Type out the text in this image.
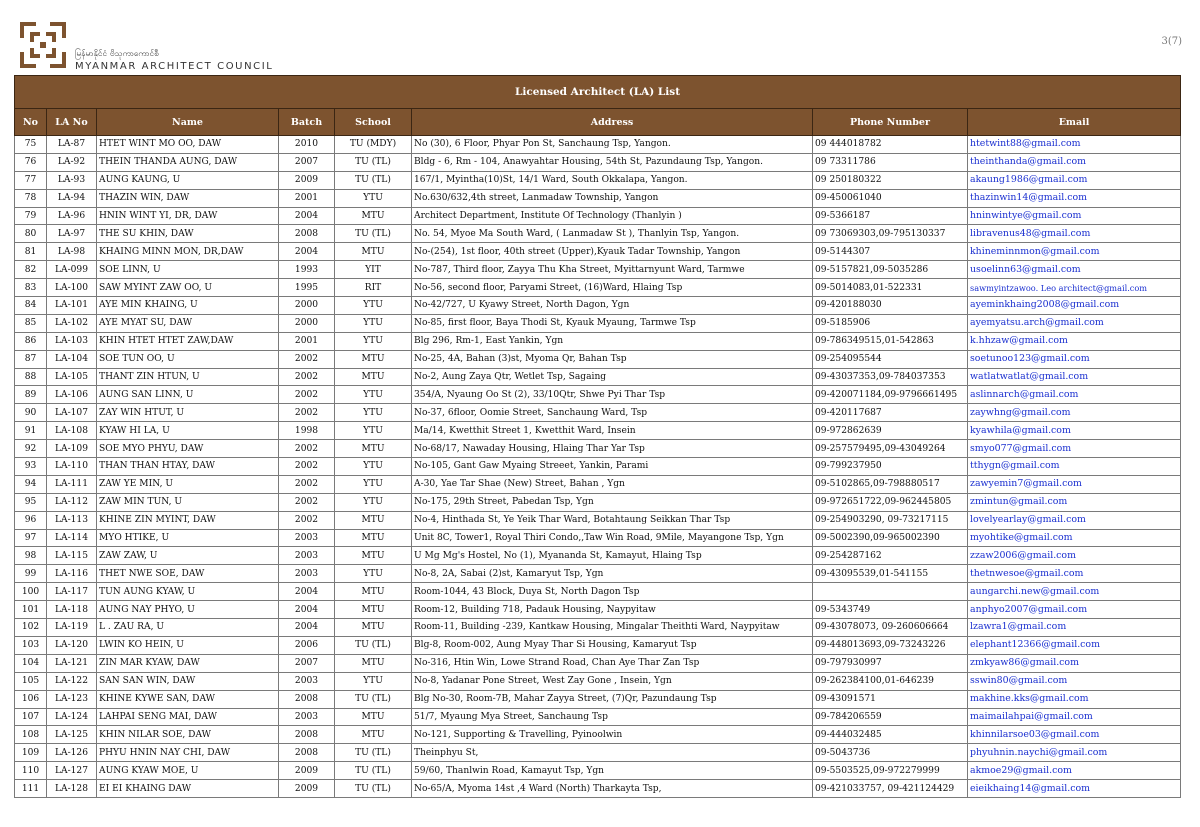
မြန်မာနိုင်ငံ ဗိသုကာကောင်စီ
MYANMAR ARCHITECT COUNCIL
3(7)
Licensed Architect (LA) List							
No	LA No	Name	Batch	School	Address	Phone Number	Email
75	LA-87	HTET WINT MO OO, DAW	2010	TU (MDY)	No (30), 6 Floor, Phyar Pon St, Sanchaung Tsp, Yangon.	09 444018782	htetwint88@gmail.com
76	LA-92	THEIN THANDA AUNG, DAW	2007	TU (TL)	Bldg - 6, Rm - 104, Anawyahtar Housing, 54th St, Pazundaung Tsp, Yangon.	09 73311786	theinthanda@gmail.com
77	LA-93	AUNG KAUNG, U	2009	TU (TL)	167/1, Myintha(10)St, 14/1 Ward, South Okkalapa, Yangon.	09 250180322	akaung1986@gmail.com
78	LA-94	THAZIN WIN, DAW	2001	YTU	No.630/632,4th street, Lanmadaw Township, Yangon	09-450061040	thazinwin14@gmail.com
79	LA-96	HNIN WINT YI, DR, DAW	2004	MTU	Architect Department, Institute Of Technology (Thanlyin )	09-5366187	hninwintye@gmail.com
80	LA-97	THE SU KHIN, DAW	2008	TU (TL)	No. 54, Myoe Ma South Ward, ( Lanmadaw St ), Thanlyin Tsp, Yangon.	09 73069303,09-795130337	libravenus48@gmail.com
81	LA-98	KHAING MINN MON, DR,DAW	2004	MTU	No-(254), 1st floor, 40th street (Upper),Kyauk Tadar Township, Yangon	09-5144307	khineminnmon@gmail.com
82	LA-099	SOE LINN, U	1993	YIT	No-787, Third floor, Zayya Thu Kha Street, Myittarnyunt Ward, Tarmwe	09-5157821,09-5035286	usoelinn63@gmail.com
83	LA-100	SAW MYINT ZAW OO, U	1995	RIT	No-56, second floor, Paryami Street, (16)Ward, Hlaing Tsp	09-5014083,01-522331	sawmyintzawoo. Leo architect@gmail.com
84	LA-101	AYE MIN KHAING, U	2000	YTU	No-42/727, U Kyawy Street, North Dagon, Ygn	09-420188030	ayeminkhaing2008@gmail.com
85	LA-102	AYE MYAT SU, DAW	2000	YTU	No-85, first floor, Baya Thodi St, Kyauk Myaung, Tarmwe Tsp	09-5185906	ayemyatsu.arch@gmail.com
86	LA-103	KHIN HTET HTET ZAW,DAW	2001	YTU	Blg 296, Rm-1, East Yankin, Ygn	09-786349515,01-542863	k.hhzaw@gmail.com
87	LA-104	SOE TUN OO, U	2002	MTU	No-25, 4A, Bahan (3)st, Myoma Qr, Bahan Tsp	09-254095544	soetunoo123@gmail.com
88	LA-105	THANT ZIN HTUN, U	2002	MTU	No-2, Aung Zaya Qtr, Wetlet Tsp, Sagaing	09-43037353,09-784037353	watlatwatlat@gmail.com
89	LA-106	AUNG SAN LINN, U	2002	YTU	354/A, Nyaung Oo St (2), 33/10Qtr, Shwe Pyi Thar Tsp	09-420071184,09-9796661495	aslinnarch@gmail.com
90	LA-107	ZAY WIN HTUT, U	2002	YTU	No-37, 6floor, Oomie Street, Sanchaung Ward, Tsp	09-420117687	zaywhng@gmail.com
91	LA-108	KYAW HI LA, U	1998	YTU	Ma/14, Kwetthit Street 1, Kwetthit Ward, Insein	09-972862639	kyawhila@gmail.com
92	LA-109	SOE MYO PHYU, DAW	2002	MTU	No-68/17, Nawaday Housing, Hlaing Thar Yar Tsp	09-257579495,09-43049264	smyo077@gmail.com
93	LA-110	THAN THAN HTAY, DAW	2002	YTU	No-105, Gant Gaw Myaing Streeet, Yankin, Parami	09-799237950	tthygn@gmail.com
94	LA-111	ZAW YE MIN, U	2002	YTU	A-30, Yae Tar Shae (New) Street, Bahan , Ygn	09-5102865,09-798880517	zawyemin7@gmail.com
95	LA-112	ZAW MIN TUN, U	2002	YTU	No-175, 29th Street, Pabedan Tsp, Ygn	09-972651722,09-962445805	zmintun@gmail.com
96	LA-113	KHINE ZIN MYINT, DAW	2002	MTU	No-4, Hinthada St, Ye Yeik Thar Ward, Botahtaung Seikkan Thar Tsp	09-254903290, 09-73217115	lovelyearlay@gmail.com
97	LA-114	MYO HTIKE, U	2003	MTU	Unit 8C, Tower1, Royal Thiri Condo,,Taw Win Road, 9Mile, Mayangone Tsp, Ygn	09-5002390,09-965002390	myohtike@gmail.com
98	LA-115	ZAW ZAW, U	2003	MTU	U Mg Mg's Hostel, No (1), Myananda St, Kamayut, Hlaing Tsp	09-254287162	zzaw2006@gmail.com
99	LA-116	THET NWE SOE, DAW	2003	YTU	No-8, 2A, Sabai (2)st, Kamaryut Tsp, Ygn	09-43095539,01-541155	thetnwesoe@gmail.com
100	LA-117	TUN AUNG KYAW, U	2004	MTU	Room-1044, 43 Block, Duya St, North Dagon Tsp		aungarchi.new@gmail.com
101	LA-118	AUNG NAY PHYO, U	2004	MTU	Room-12, Building 718, Padauk Housing, Naypyitaw	09-5343749	anphyo2007@gmail.com
102	LA-119	L . ZAU RA, U	2004	MTU	Room-11, Building -239, Kantkaw Housing, Mingalar Theithti Ward, Naypyitaw	09-43078073, 09-260606664	lzawra1@gmail.com
103	LA-120	LWIN KO HEIN, U	2006	TU (TL)	Blg-8, Room-002, Aung Myay Thar Si Housing, Kamaryut Tsp	09-448013693,09-73243226	elephant12366@gmail.com
104	LA-121	ZIN MAR KYAW, DAW	2007	MTU	No-316, Htin Win, Lowe Strand Road, Chan Aye Thar Zan Tsp	09-797930997	zmkyaw86@gmail.com
105	LA-122	SAN SAN WIN, DAW	2003	YTU	No-8, Yadanar Pone Street, West Zay Gone , Insein, Ygn	09-262384100,01-646239	sswin80@gmail.com
106	LA-123	KHINE KYWE SAN, DAW	2008	TU (TL)	Blg No-30, Room-7B, Mahar Zayya Street, (7)Qr, Pazundaung Tsp	09-43091571	makhine.kks@gmail.com
107	LA-124	LAHPAI SENG MAI, DAW	2003	MTU	51/7, Myaung Mya Street, Sanchaung Tsp	09-784206559	maimailahpai@gmail.com
108	LA-125	KHIN NILAR SOE, DAW	2008	MTU	No-121, Supporting & Travelling, Pyinoolwin	09-444032485	khinnilarsoe03@gmail.com
109	LA-126	PHYU HNIN NAY CHI, DAW	2008	TU (TL)	Theinphyu St,	09-5043736	phyuhnin.naychi@gmail.com
110	LA-127	AUNG KYAW MOE, U	2009	TU (TL)	59/60, Thanlwin Road, Kamayut Tsp, Ygn	09-5503525,09-972279999	akmoe29@gmail.com
111	LA-128	EI EI KHAING DAW	2009	TU (TL)	No-65/A, Myoma 14st ,4 Ward (North) Tharkayta Tsp,	09-421033757, 09-421124429	eieikhaing14@gmail.com
